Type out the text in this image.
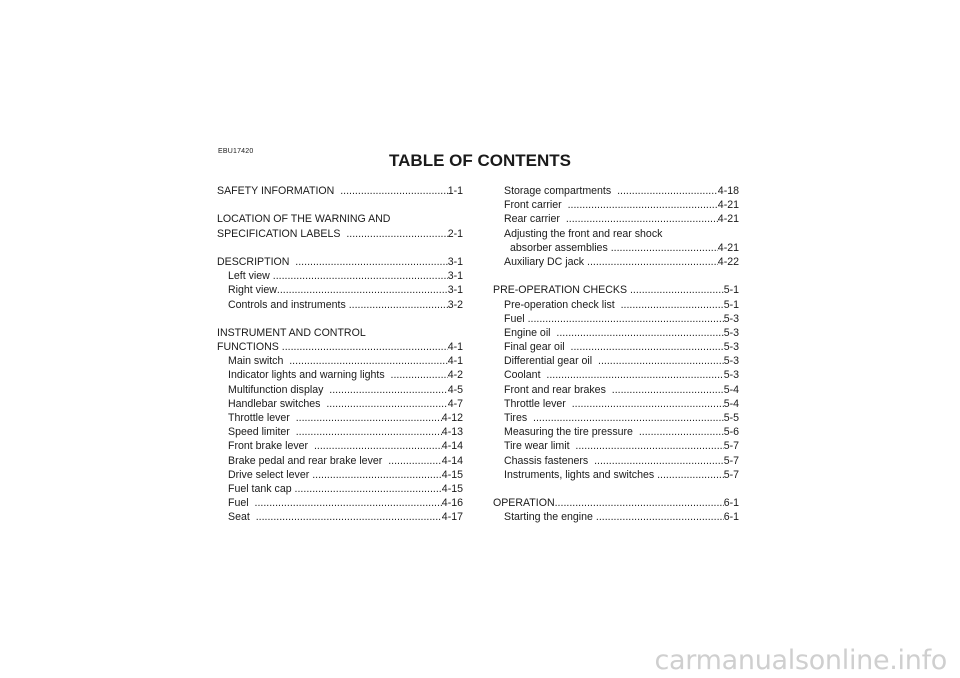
EBU17420	TABLE OF CONTENTS
SAFETY INFORMATION .....	1-1
LOCATION OF THE WARNING AND
SPECIFICATION LABELS .....	2-1
DESCRIPTION .....	3-1
Left view .....	3-1
Right view .....	3-1
Controls and instruments .....	3-2
INSTRUMENT AND CONTROL
FUNCTIONS .....	4-1
Main switch .....	4-1
Indicator lights and warning lights .....	4-2
Multifunction display .....	4-5
Handlebar switches .....	4-7
Throttle lever .....	4-12
Speed limiter .....	4-13
Front brake lever .....	4-14
Brake pedal and rear brake lever .....	4-14
Drive select lever .....	4-15
Fuel tank cap .....	4-15
Fuel .....	4-16
Seat .....	4-17
Storage compartments .....	4-18
Front carrier .....	4-21
Rear carrier .....	4-21
Adjusting the front and rear shock
absorber assemblies .....	4-21
Auxiliary DC jack .....	4-22
PRE-OPERATION CHECKS .....	5-1
Pre-operation check list .....	5-1
Fuel .....	5-3
Engine oil .....	5-3
Final gear oil .....	5-3
Differential gear oil .....	5-3
Coolant .....	5-3
Front and rear brakes .....	5-4
Throttle lever .....	5-4
Tires .....	5-5
Measuring the tire pressure .....	5-6
Tire wear limit .....	5-7
Chassis fasteners .....	5-7
Instruments, lights and switches .....	5-7
OPERATION .....	6-1
Starting the engine .....	6-1
carmanualsonline.info
